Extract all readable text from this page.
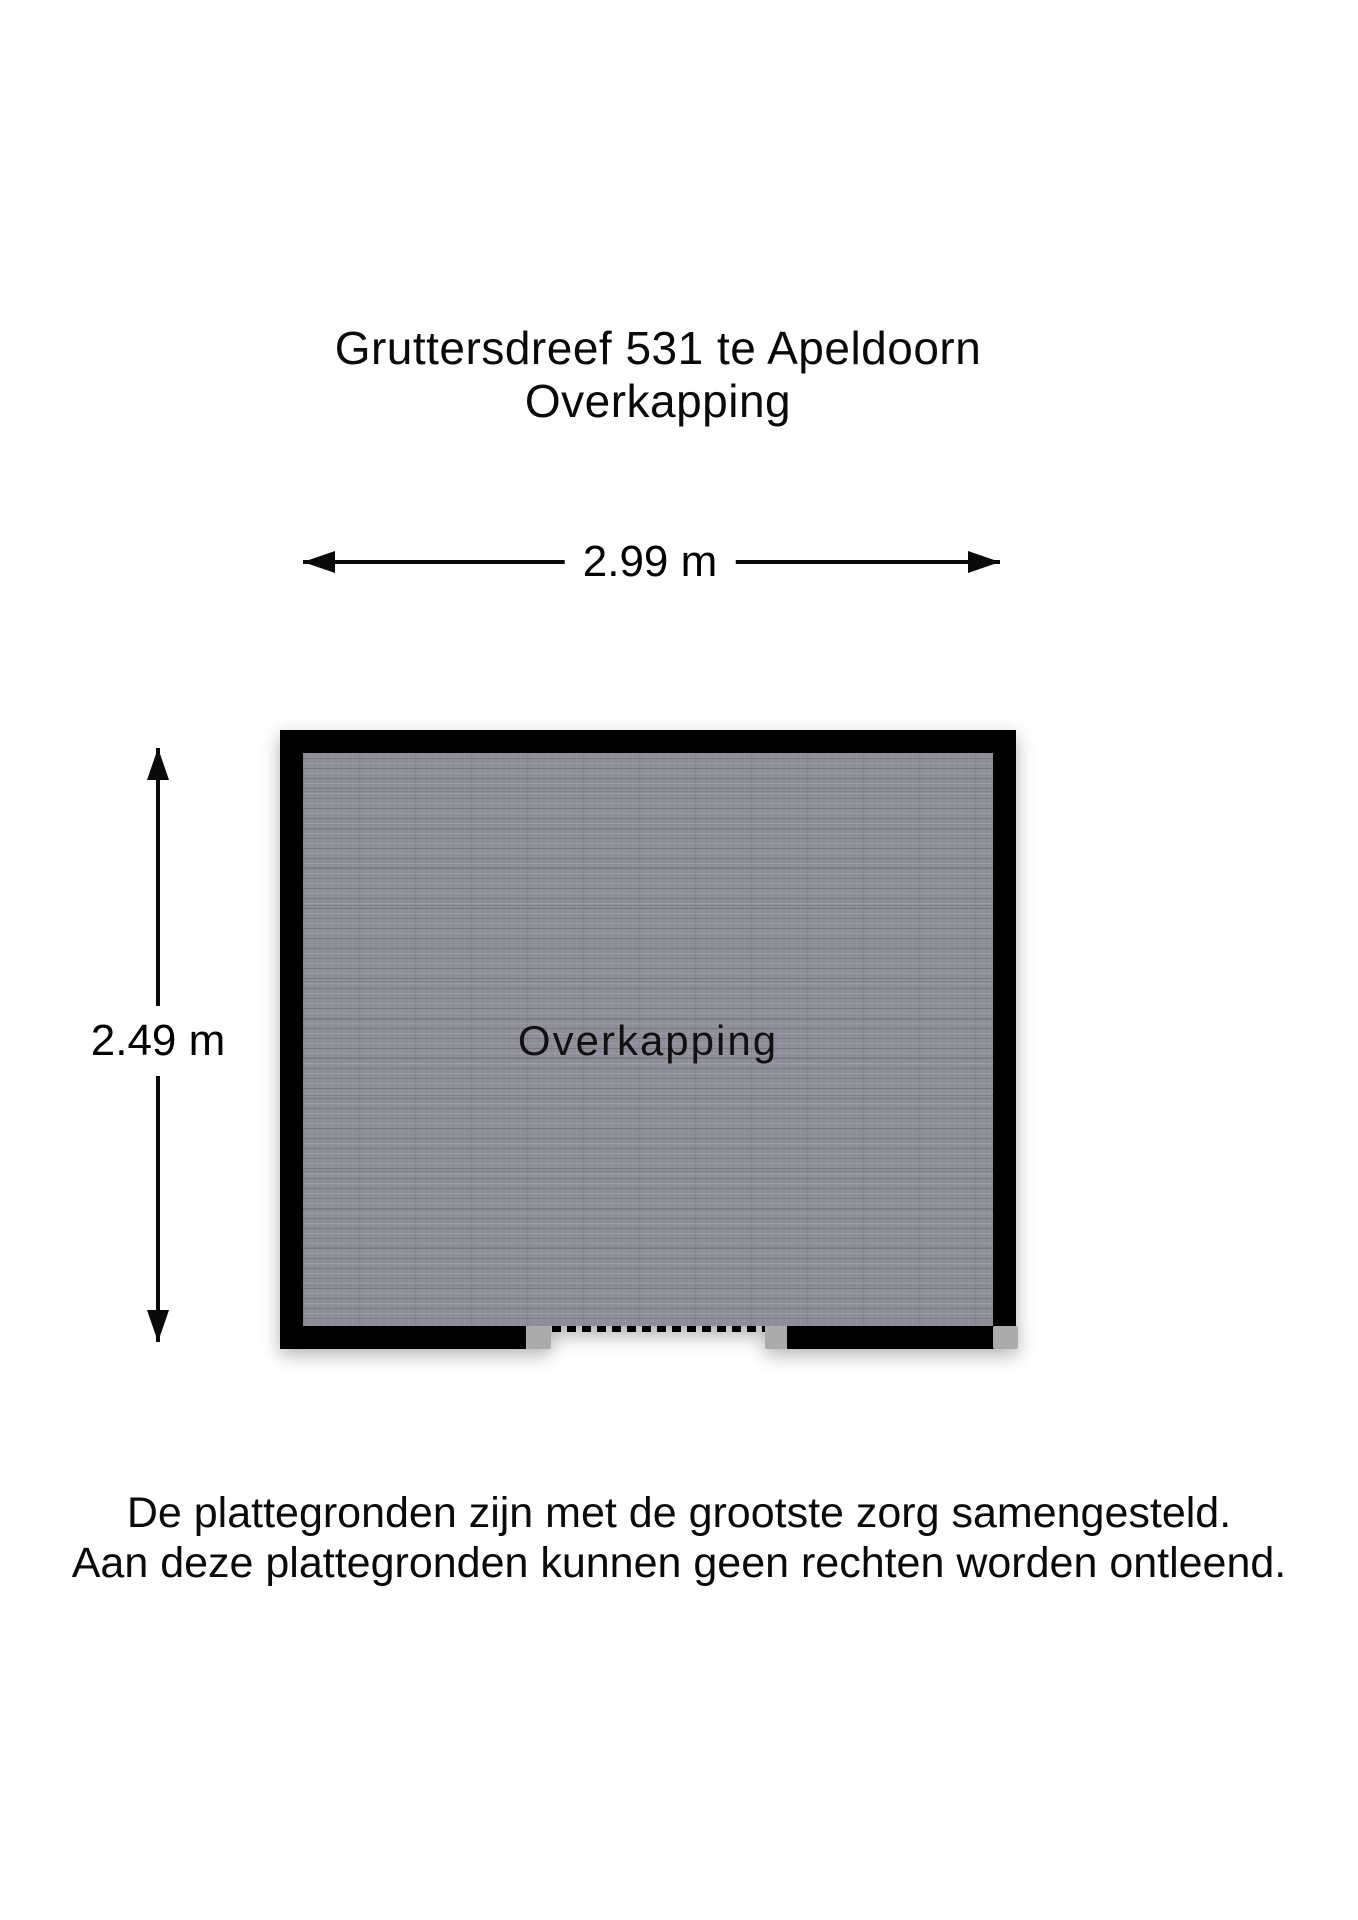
Gruttersdreef 531 te Apeldoorn
Overkapping
2.99 m
2.49 m	Overkapping
De plattegronden zijn met de grootste zorg samengesteld.
Aan deze plattegronden kunnen geen rechten worden ontleend.
